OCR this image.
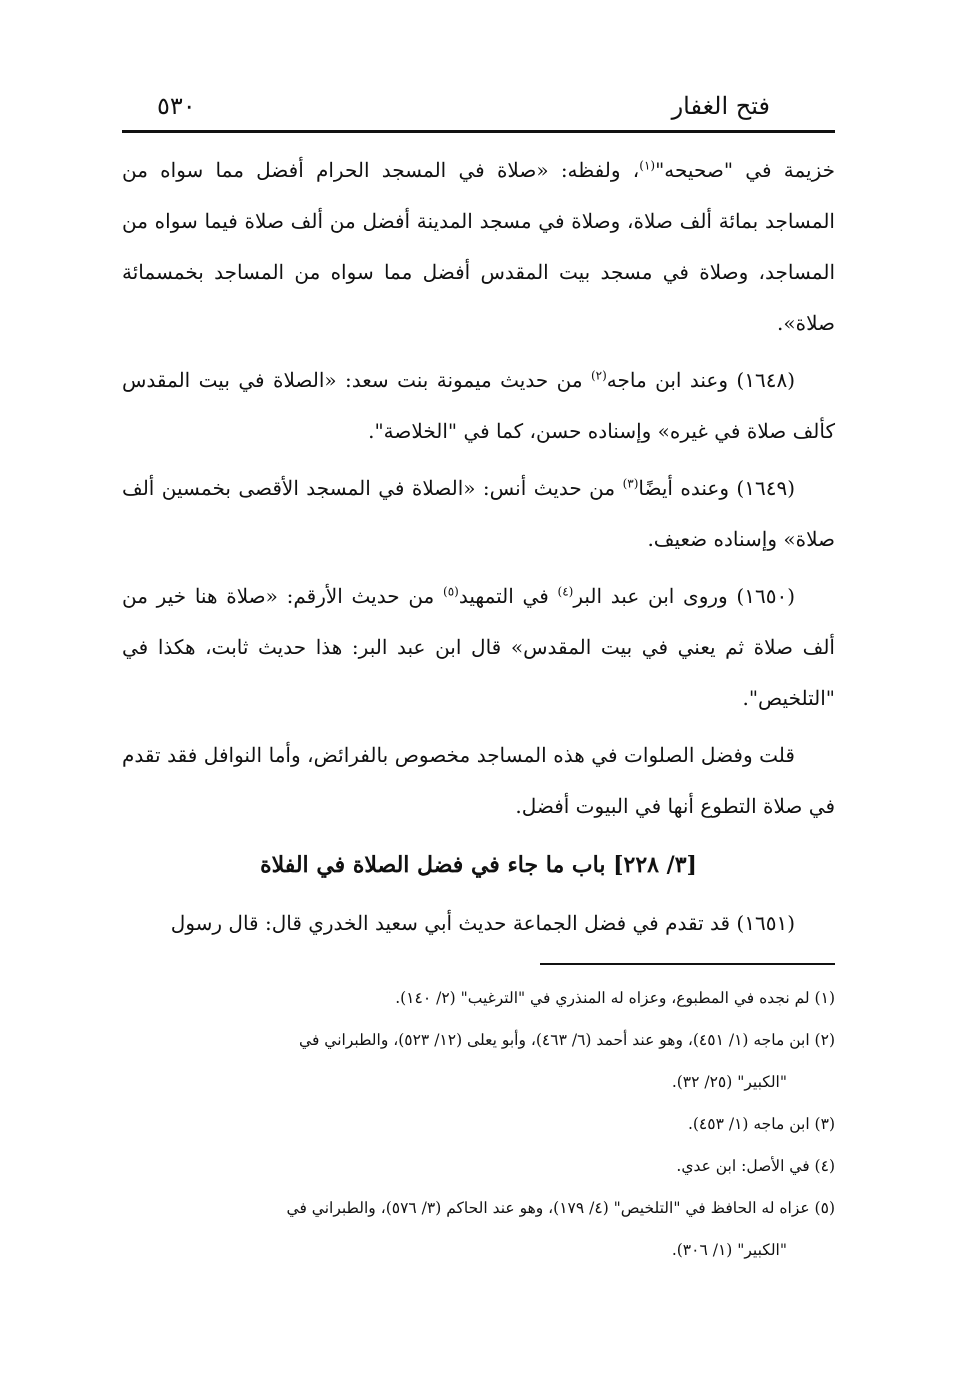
فتح الغفار
٥٣٠

خزيمة في "صحيحه"$^{(١)}$، ولفظه: «صلاة في المسجد الحرام أفضل مما سواه من المساجد بمائة ألف صلاة، وصلاة في مسجد المدينة أفضل من ألف صلاة فيما سواه من المساجد، وصلاة في مسجد بيت المقدس أفضل مما سواه من المساجد بخمسمائة صلاة».

(١٦٤٨) وعند ابن ماجه$^{(٢)}$ من حديث ميمونة بنت سعد: «الصلاة في بيت المقدس كألف صلاة في غيره» وإسناده حسن، كما في "الخلاصة".

(١٦٤٩) وعنده أيضًا$^{(٣)}$ من حديث أنس: «الصلاة في المسجد الأقصى بخمسين ألف صلاة» وإسناده ضعيف.

(١٦٥٠) وروى ابن عبد البر$^{(٤)}$ في التمهيد$^{(٥)}$ من حديث الأرقم: «صلاة هنا خير من ألف صلاة ثم يعني في بيت المقدس» قال ابن عبد البر: هذا حديث ثابت، هكذا في "التلخيص".

قلت وفضل الصلوات في هذه المساجد مخصوص بالفرائض، وأما النوافل فقد تقدم في صلاة التطوع أنها في البيوت أفضل.

[٣/ ٢٢٨] باب ما جاء في فضل الصلاة في الفلاة

(١٦٥١) قد تقدم في فضل الجماعة حديث أبي سعيد الخدري قال: قال رسول

(١) لم نجده في المطبوع، وعزاه له المنذري في "الترغيب" (٢/ ١٤٠).

(٢) ابن ماجه (١/ ٤٥١)، وهو عند أحمد (٦/ ٤٦٣)، وأبو يعلى (١٢/ ٥٢٣)، والطبراني في

"الكبير" (٢٥/ ٣٢).

(٣) ابن ماجه (١/ ٤٥٣).

(٤) في الأصل: ابن عدي.

(٥) عزاه له الحافظ في "التلخيص" (٤/ ١٧٩)، وهو عند الحاكم (٣/ ٥٧٦)، والطبراني في

"الكبير" (١/ ٣٠٦).
